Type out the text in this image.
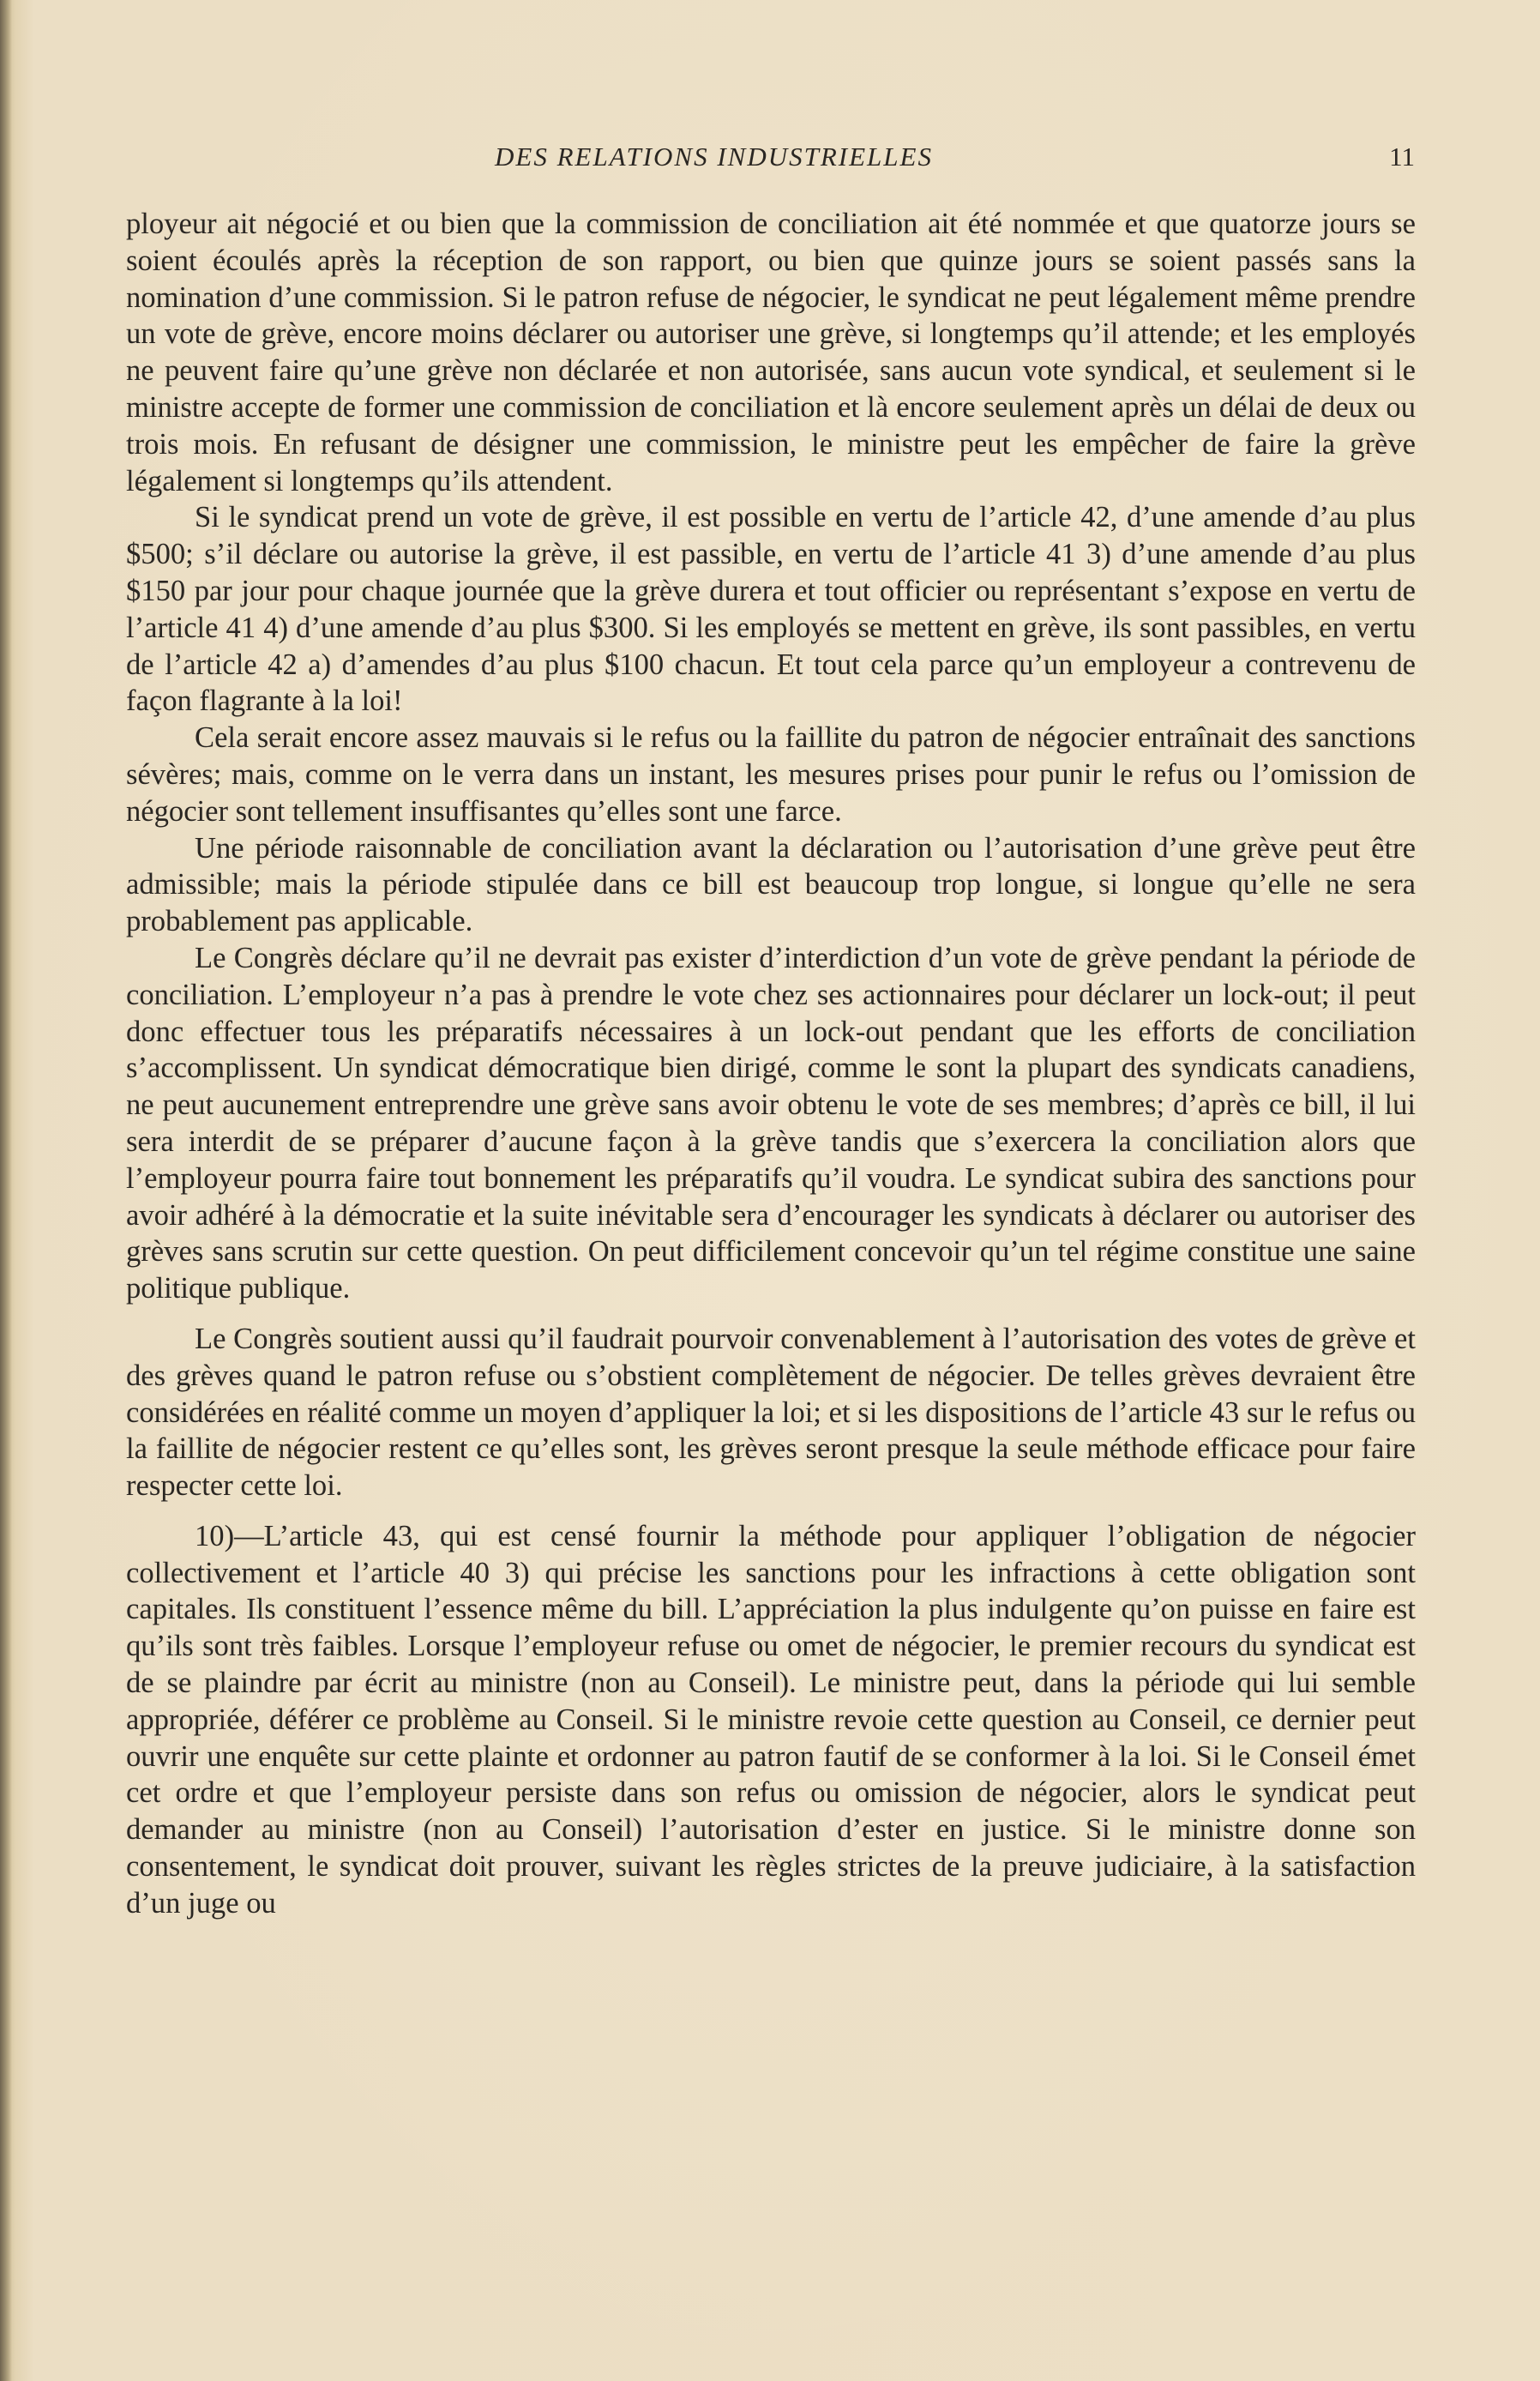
DES RELATIONS INDUSTRIELLES	11

ployeur ait négocié et ou bien que la commission de conciliation ait été nommée et que quatorze jours se soient écoulés après la réception de son rapport, ou bien que quinze jours se soient passés sans la nomination d’une commission. Si le patron refuse de négocier, le syndicat ne peut légalement même prendre un vote de grève, encore moins déclarer ou autoriser une grève, si longtemps qu’il attende; et les employés ne peuvent faire qu’une grève non déclarée et non autorisée, sans aucun vote syndical, et seulement si le ministre accepte de former une commission de conciliation et là encore seulement après un délai de deux ou trois mois. En refusant de désigner une commission, le ministre peut les empêcher de faire la grève légalement si longtemps qu’ils attendent.

Si le syndicat prend un vote de grève, il est possible en vertu de l’article 42, d’une amende d’au plus $500; s’il déclare ou autorise la grève, il est passible, en vertu de l’article 41 3) d’une amende d’au plus $150 par jour pour chaque journée que la grève durera et tout officier ou représentant s’expose en vertu de l’article 41 4) d’une amende d’au plus $300. Si les employés se mettent en grève, ils sont passibles, en vertu de l’article 42 a) d’amendes d’au plus $100 chacun. Et tout cela parce qu’un employeur a contrevenu de façon flagrante à la loi!

Cela serait encore assez mauvais si le refus ou la faillite du patron de négocier entraînait des sanctions sévères; mais, comme on le verra dans un instant, les mesures prises pour punir le refus ou l’omission de négocier sont tellement insuffisantes qu’elles sont une farce.

Une période raisonnable de conciliation avant la déclaration ou l’autorisation d’une grève peut être admissible; mais la période stipulée dans ce bill est beaucoup trop longue, si longue qu’elle ne sera probablement pas applicable.

Le Congrès déclare qu’il ne devrait pas exister d’interdiction d’un vote de grève pendant la période de conciliation. L’employeur n’a pas à prendre le vote chez ses actionnaires pour déclarer un lock-out; il peut donc effectuer tous les préparatifs nécessaires à un lock-out pendant que les efforts de conciliation s’accomplissent. Un syndicat démocratique bien dirigé, comme le sont la plupart des syndicats canadiens, ne peut aucunement entreprendre une grève sans avoir obtenu le vote de ses membres; d’après ce bill, il lui sera interdit de se préparer d’aucune façon à la grève tandis que s’exercera la conciliation alors que l’employeur pourra faire tout bonnement les préparatifs qu’il voudra. Le syndicat subira des sanctions pour avoir adhéré à la démocratie et la suite inévitable sera d’encourager les syndicats à déclarer ou autoriser des grèves sans scrutin sur cette question. On peut difficilement concevoir qu’un tel régime constitue une saine politique publique.

Le Congrès soutient aussi qu’il faudrait pourvoir convenablement à l’autorisation des votes de grève et des grèves quand le patron refuse ou s’obstient complètement de négocier. De telles grèves devraient être considérées en réalité comme un moyen d’appliquer la loi; et si les dispositions de l’article 43 sur le refus ou la faillite de négocier restent ce qu’elles sont, les grèves seront presque la seule méthode efficace pour faire respecter cette loi.

10)—L’article 43, qui est censé fournir la méthode pour appliquer l’obligation de négocier collectivement et l’article 40 3) qui précise les sanctions pour les infractions à cette obligation sont capitales. Ils constituent l’essence même du bill. L’appréciation la plus indulgente qu’on puisse en faire est qu’ils sont très faibles. Lorsque l’employeur refuse ou omet de négocier, le premier recours du syndicat est de se plaindre par écrit au ministre (non au Conseil). Le ministre peut, dans la période qui lui semble appropriée, déférer ce problème au Conseil. Si le ministre revoie cette question au Conseil, ce dernier peut ouvrir une enquête sur cette plainte et ordonner au patron fautif de se conformer à la loi. Si le Conseil émet cet ordre et que l’employeur persiste dans son refus ou omission de négocier, alors le syndicat peut demander au ministre (non au Conseil) l’autorisation d’ester en justice. Si le ministre donne son consentement, le syndicat doit prouver, suivant les règles strictes de la preuve judiciaire, à la satisfaction d’un juge ou
